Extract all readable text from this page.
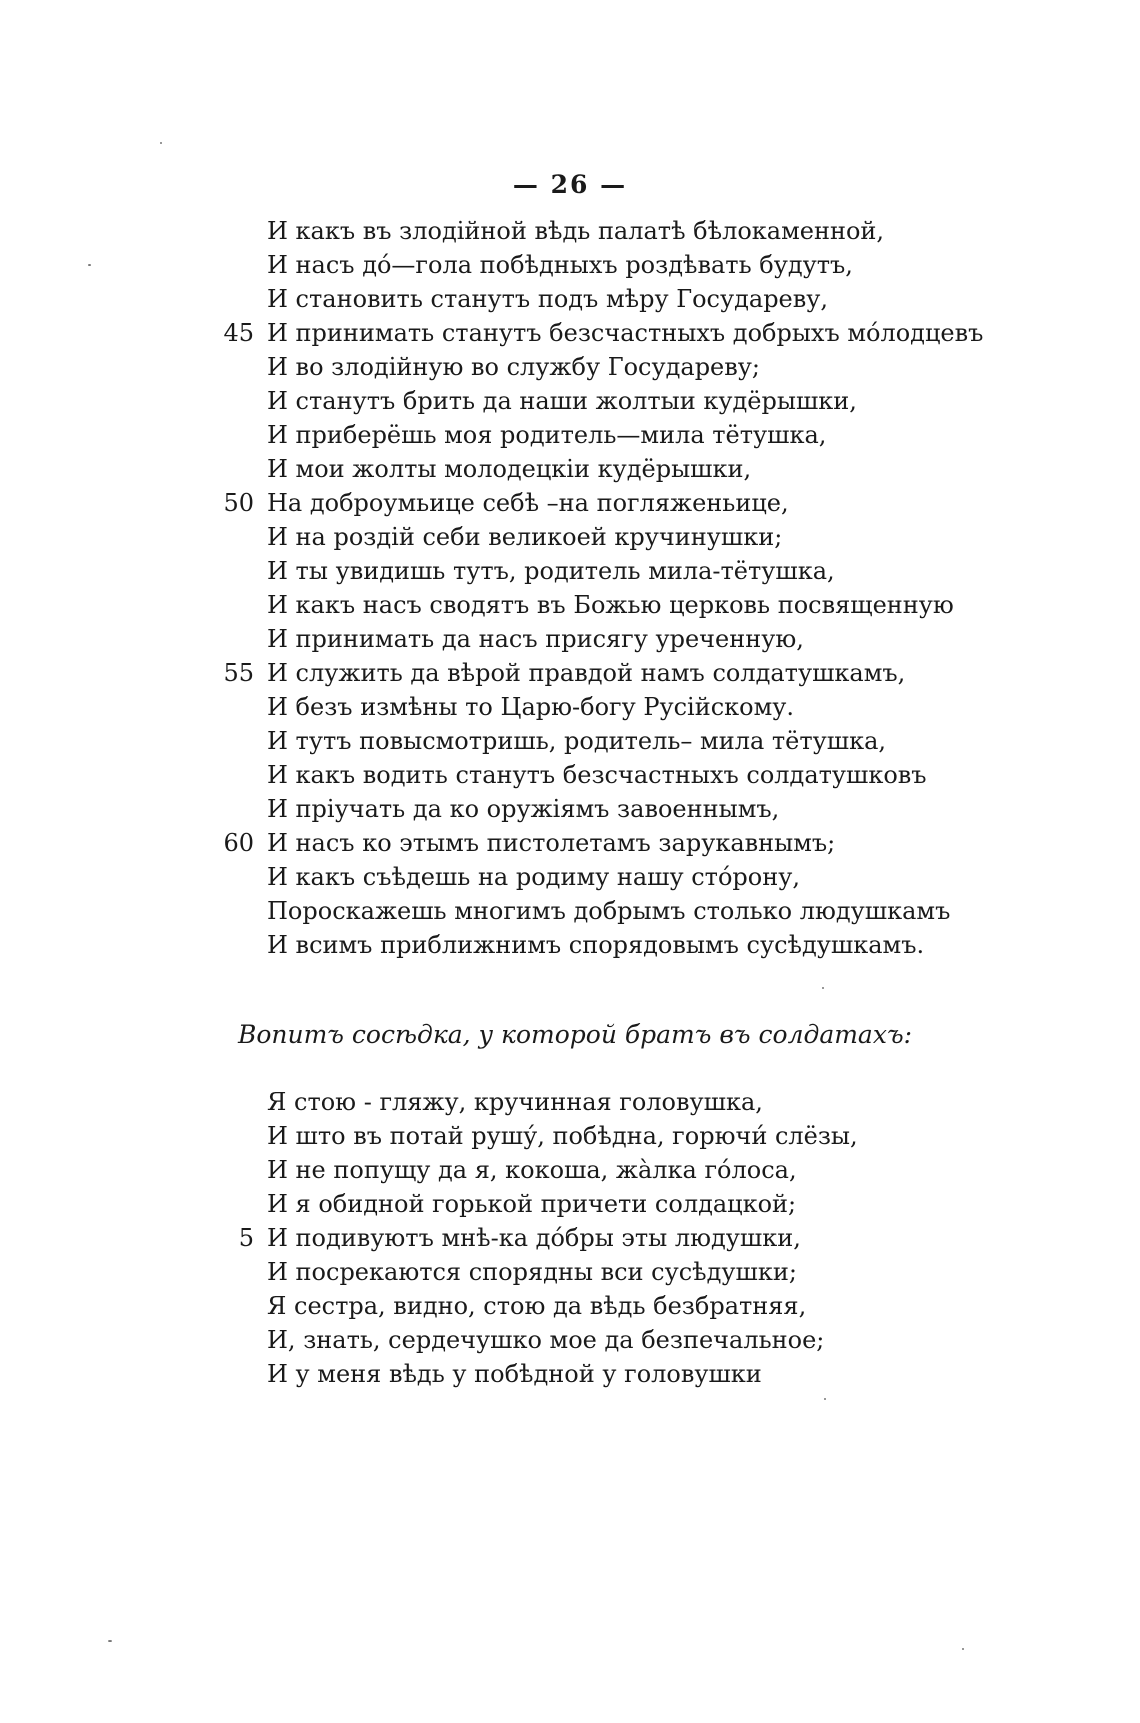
— 26 —
И какъ въ злодійной вѣдь палатѣ бѣлокаменной,
И насъ дó—гола побѣдныхъ роздѣвать будутъ,
И становить станутъ подъ мѣру Государеву,
45 И принимать станутъ безсчастныхъ добрыхъ мóлодцевъ
И во злодійную во службу Государеву;
И станутъ брить да наши жолтыи кудёрышки,
И приберёшь моя родитель—мила тётушка,
И мои жолты молодецкiи кудёрышки,
50 На доброумьице себѣ –на погляженьице,
И на роздій себи великоей кручинушки;
И ты увидишь тутъ, родитель мила-тётушка,
И какъ насъ сводятъ въ Божью церковь посвященную
И принимать да насъ присягу уреченную,
55 И служить да вѣрой правдой намъ солдатушкамъ,
И безъ измѣны то Царю-богу Русійскому.
И тутъ повысмотришь, родитель– мила тётушка,
И какъ водить станутъ безсчастныхъ солдатушковъ
И прiучать да ко оружiямъ завоеннымъ,
60 И насъ ко этымъ пистолетамъ зарукавнымъ;
И какъ съѣдешь на родиму нашу стóрону,
Пороскажешь многимъ добрымъ столько людушкамъ
И всимъ приближнимъ спорядовымъ сусѣдушкамъ.
Вопитъ сосѣдка, у которой братъ въ солдатахъ:
Я стою - гляжу, кручинная головушка,
И што въ потай рушу́, побѣдна, горючи́ слёзы,
И не попущу да я, кокоша, жа̀лка го́лоса,
И я обидной горькой причети солдацкой;
5 И подивуютъ мнѣ-ка до́бры эты людушки,
И посрекаются спорядны вси сусѣдушки;
Я сестра, видно, стою да вѣдь безбратняя,
И, знать, сердечушко мое да безпечальное;
И у меня вѣдь у побѣдной у головушки
